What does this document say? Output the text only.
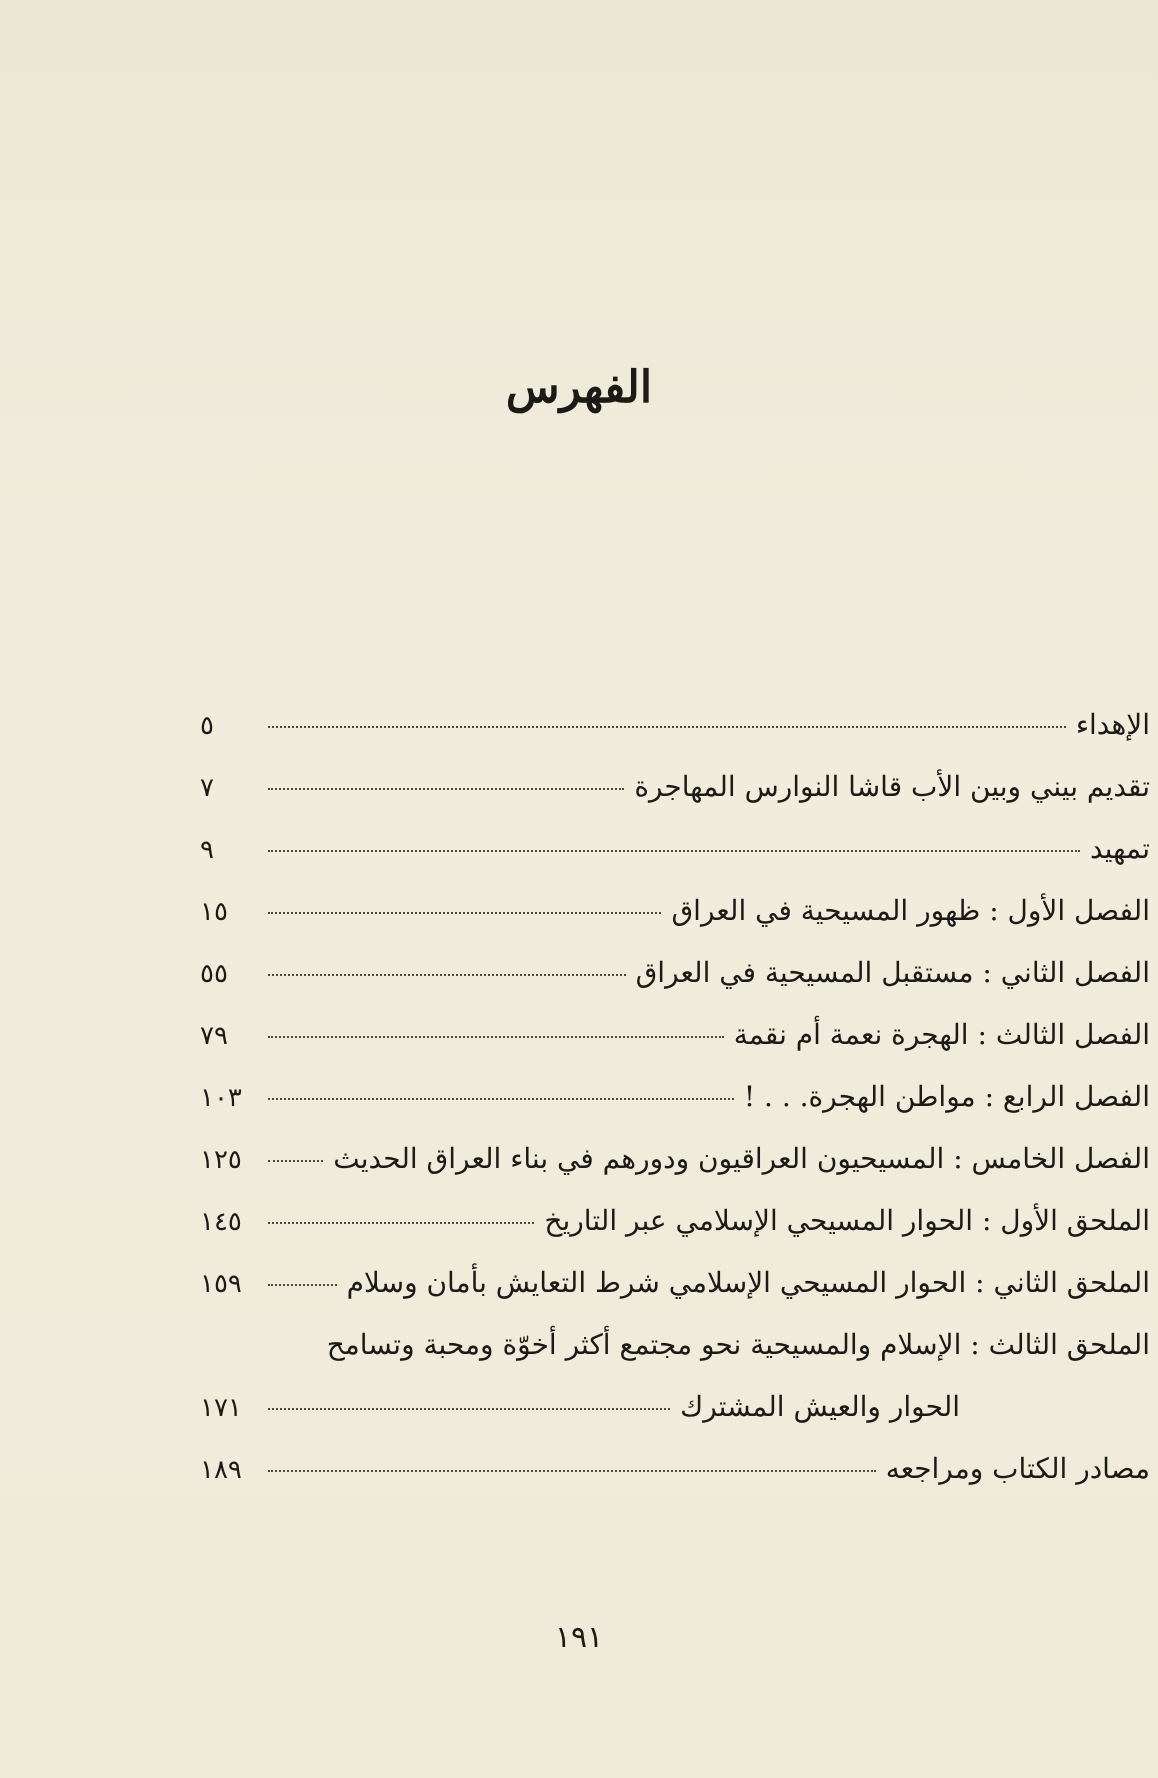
الفهرس
الإهداء
٥
تقديم بيني وبين الأب قاشا النوارس المهاجرة
٧
تمهيد
٩
الفصل الأول : ظهور المسيحية في العراق
١٥
الفصل الثاني : مستقبل المسيحية في العراق
٥٥
الفصل الثالث : الهجرة نعمة أم نقمة
٧٩
الفصل الرابع : مواطن الهجرة. . . !
١٠٣
الفصل الخامس : المسيحيون العراقيون ودورهم في بناء العراق الحديث
١٢٥
الملحق الأول : الحوار المسيحي الإسلامي عبر التاريخ
١٤٥
الملحق الثاني : الحوار المسيحي الإسلامي شرط التعايش بأمان وسلام
١٥٩
الملحق الثالث : الإسلام والمسيحية نحو مجتمع أكثر أخوّة ومحبة وتسامح
الحوار والعيش المشترك
١٧١
مصادر الكتاب ومراجعه
١٨٩
١٩١
